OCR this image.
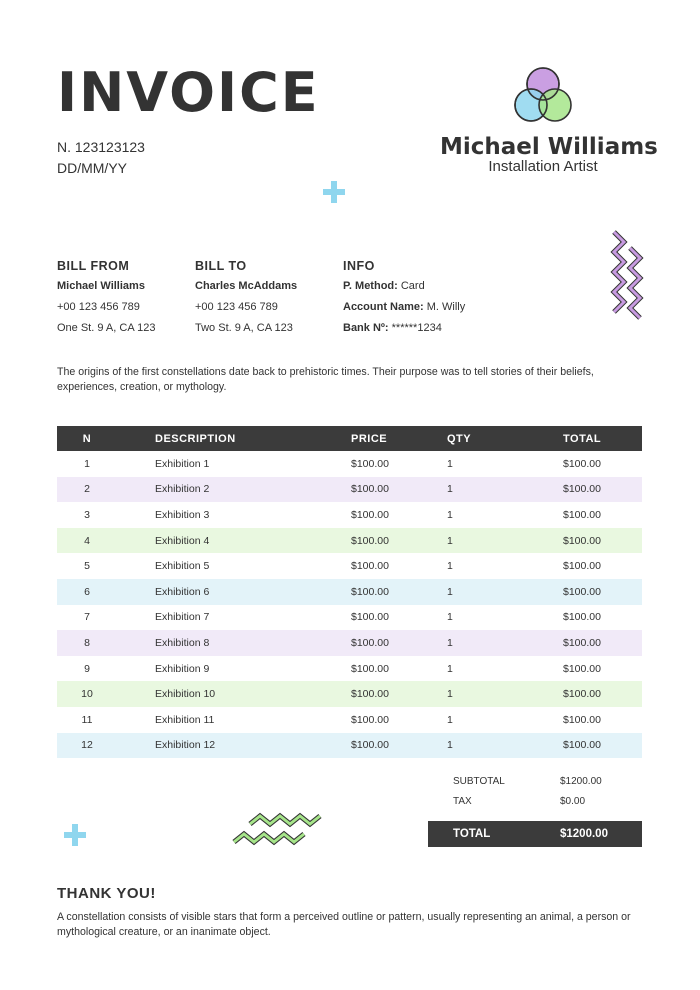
INVOICE
N. 123123123
DD/MM/YY
Michael Williams
Installation Artist
BILL FROM
Michael Williams
+00 123 456 789
One St. 9 A, CA 123
BILL TO
Charles McAddams
+00 123 456 789
Two St. 9 A, CA 123
INFO
P. Method: Card
Account Name: M. Willy
Bank Nº: ******1234
The origins of the first constellations date back to prehistoric times. Their purpose was to tell stories of their beliefs, experiences, creation, or mythology.
N	DESCRIPTION	PRICE	QTY	TOTAL
1	Exhibition 1	$100.00	1	$100.00
2	Exhibition 2	$100.00	1	$100.00
3	Exhibition 3	$100.00	1	$100.00
4	Exhibition 4	$100.00	1	$100.00
5	Exhibition 5	$100.00	1	$100.00
6	Exhibition 6	$100.00	1	$100.00
7	Exhibition 7	$100.00	1	$100.00
8	Exhibition 8	$100.00	1	$100.00
9	Exhibition 9	$100.00	1	$100.00
10	Exhibition 10	$100.00	1	$100.00
11	Exhibition 11	$100.00	1	$100.00
12	Exhibition 12	$100.00	1	$100.00
SUBTOTAL	$1200.00
TAX	$0.00
TOTAL	$1200.00
THANK YOU!
A constellation consists of visible stars that form a perceived outline or pattern, usually representing an animal, a person or mythological creature, or an inanimate object.
